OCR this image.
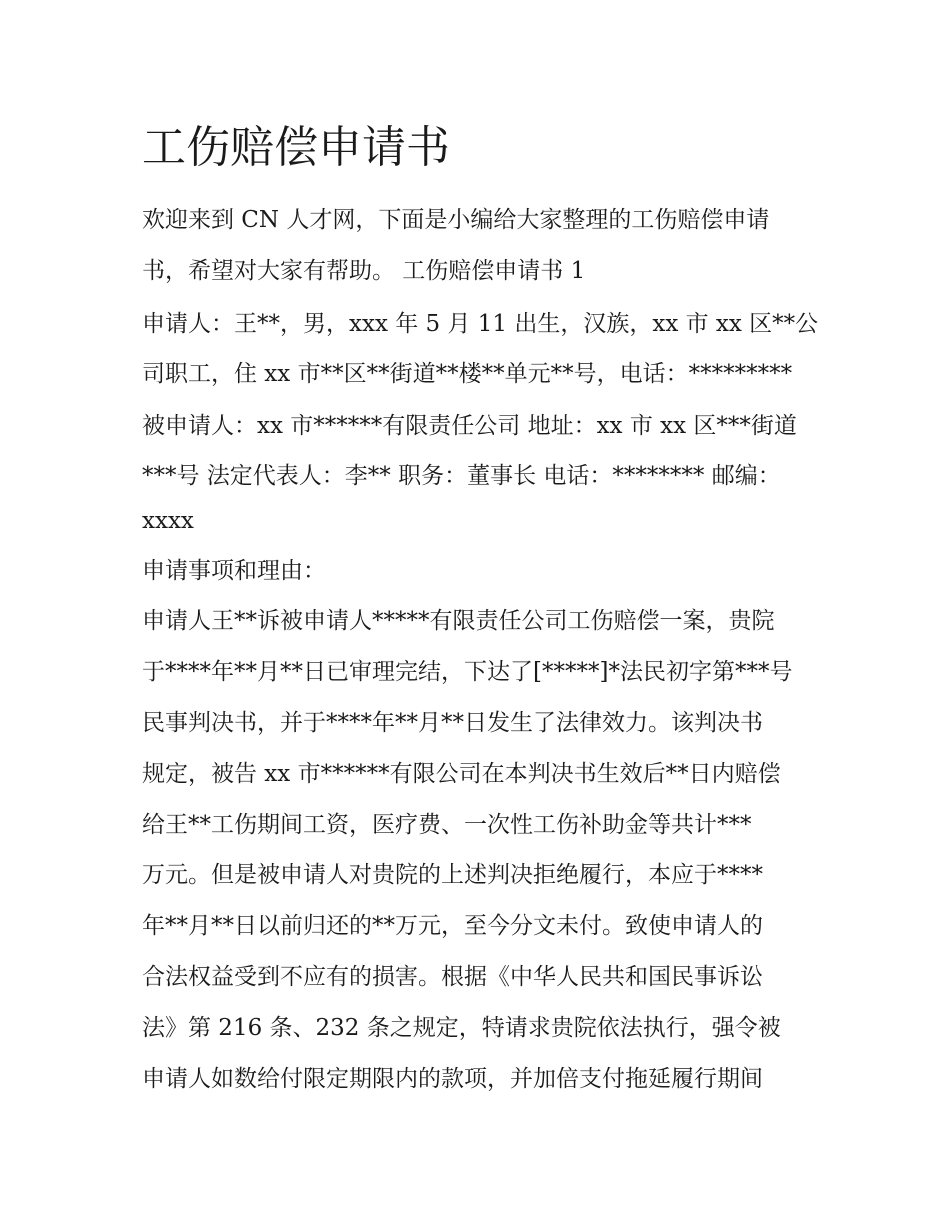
工伤赔偿申请书
欢迎来到 CN 人才网，下面是小编给大家整理的工伤赔偿申请
书，希望对大家有帮助。 工伤赔偿申请书 1
申请人：王**，男，xxx 年 5 月 11 出生，汉族，xx 市 xx 区**公
司职工，住 xx 市**区**街道**楼**单元**号，电话：*********
被申请人：xx 市******有限责任公司 地址：xx 市 xx 区***街道
***号 法定代表人：李** 职务：董事长 电话：******** 邮编：
xxxx
申请事项和理由：
申请人王**诉被申请人*****有限责任公司工伤赔偿一案，贵院
于****年**月**日已审理完结，下达了[*****]*法民初字第***号
民事判决书，并于****年**月**日发生了法律效力。该判决书
规定，被告 xx 市******有限公司在本判决书生效后**日内赔偿
给王**工伤期间工资，医疗费、一次性工伤补助金等共计***
万元。但是被申请人对贵院的上述判决拒绝履行，本应于****
年**月**日以前归还的**万元，至今分文未付。致使申请人的
合法权益受到不应有的损害。根据《中华人民共和国民事诉讼
法》第 216 条、232 条之规定，特请求贵院依法执行，强令被
申请人如数给付限定期限内的款项，并加倍支付拖延履行期间
